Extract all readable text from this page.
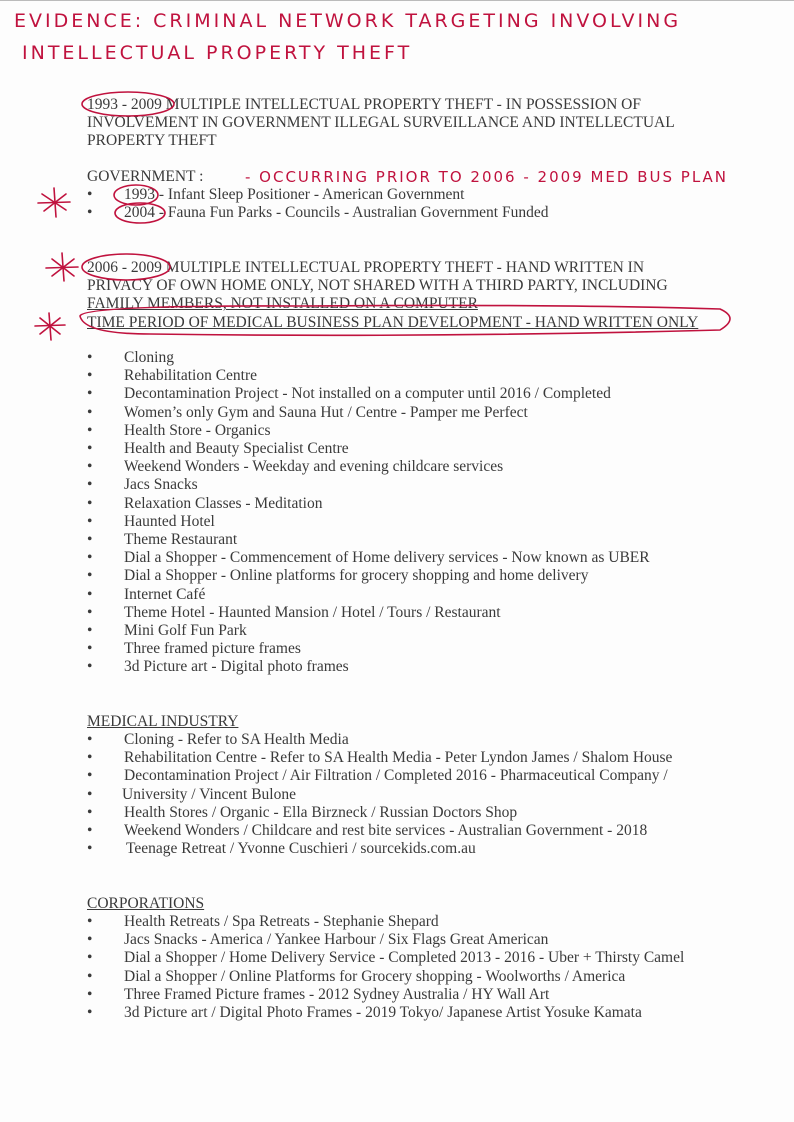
EVIDENCE: CRIMINAL NETWORK TARGETING INVOLVING
INTELLECTUAL PROPERTY THEFT
1993 - 2009 MULTIPLE INTELLECTUAL PROPERTY THEFT - IN POSSESSION OF
INVOLVEMENT IN GOVERNMENT ILLEGAL SURVEILLANCE AND INTELLECTUAL
PROPERTY THEFT
GOVERNMENT :	- OCCURRING PRIOR TO 2006 - 2009 MED BUS PLAN
• 1993 - Infant Sleep Positioner - American Government
• 2004 - Fauna Fun Parks - Councils - Australian Government Funded
2006 - 2009 MULTIPLE INTELLECTUAL PROPERTY THEFT - HAND WRITTEN IN
PRIVACY OF OWN HOME ONLY, NOT SHARED WITH A THIRD PARTY, INCLUDING
FAMILY MEMBERS, NOT INSTALLED ON A COMPUTER
TIME PERIOD OF MEDICAL BUSINESS PLAN DEVELOPMENT - HAND WRITTEN ONLY
• Cloning
• Rehabilitation Centre
• Decontamination Project - Not installed on a computer until 2016 / Completed
• Women’s only Gym and Sauna Hut / Centre - Pamper me Perfect
• Health Store - Organics
• Health and Beauty Specialist Centre
• Weekend Wonders - Weekday and evening childcare services
• Jacs Snacks
• Relaxation Classes - Meditation
• Haunted Hotel
• Theme Restaurant
• Dial a Shopper - Commencement of Home delivery services - Now known as UBER
• Dial a Shopper - Online platforms for grocery shopping and home delivery
• Internet Café
• Theme Hotel - Haunted Mansion / Hotel / Tours / Restaurant
• Mini Golf Fun Park
• Three framed picture frames
• 3d Picture art - Digital photo frames
MEDICAL INDUSTRY
• Cloning - Refer to SA Health Media
• Rehabilitation Centre - Refer to SA Health Media - Peter Lyndon James / Shalom House
• Decontamination Project / Air Filtration / Completed 2016 - Pharmaceutical Company /
• University / Vincent Bulone
• Health Stores / Organic - Ella Birzneck / Russian Doctors Shop
• Weekend Wonders / Childcare and rest bite services - Australian Government - 2018
• Teenage Retreat / Yvonne Cuschieri / sourcekids.com.au
CORPORATIONS
• Health Retreats / Spa Retreats - Stephanie Shepard
• Jacs Snacks - America / Yankee Harbour / Six Flags Great American
• Dial a Shopper / Home Delivery Service - Completed 2013 - 2016 - Uber + Thirsty Camel
• Dial a Shopper / Online Platforms for Grocery shopping - Woolworths / America
• Three Framed Picture frames - 2012 Sydney Australia / HY Wall Art
• 3d Picture art / Digital Photo Frames - 2019 Tokyo/ Japanese Artist Yosuke Kamata
